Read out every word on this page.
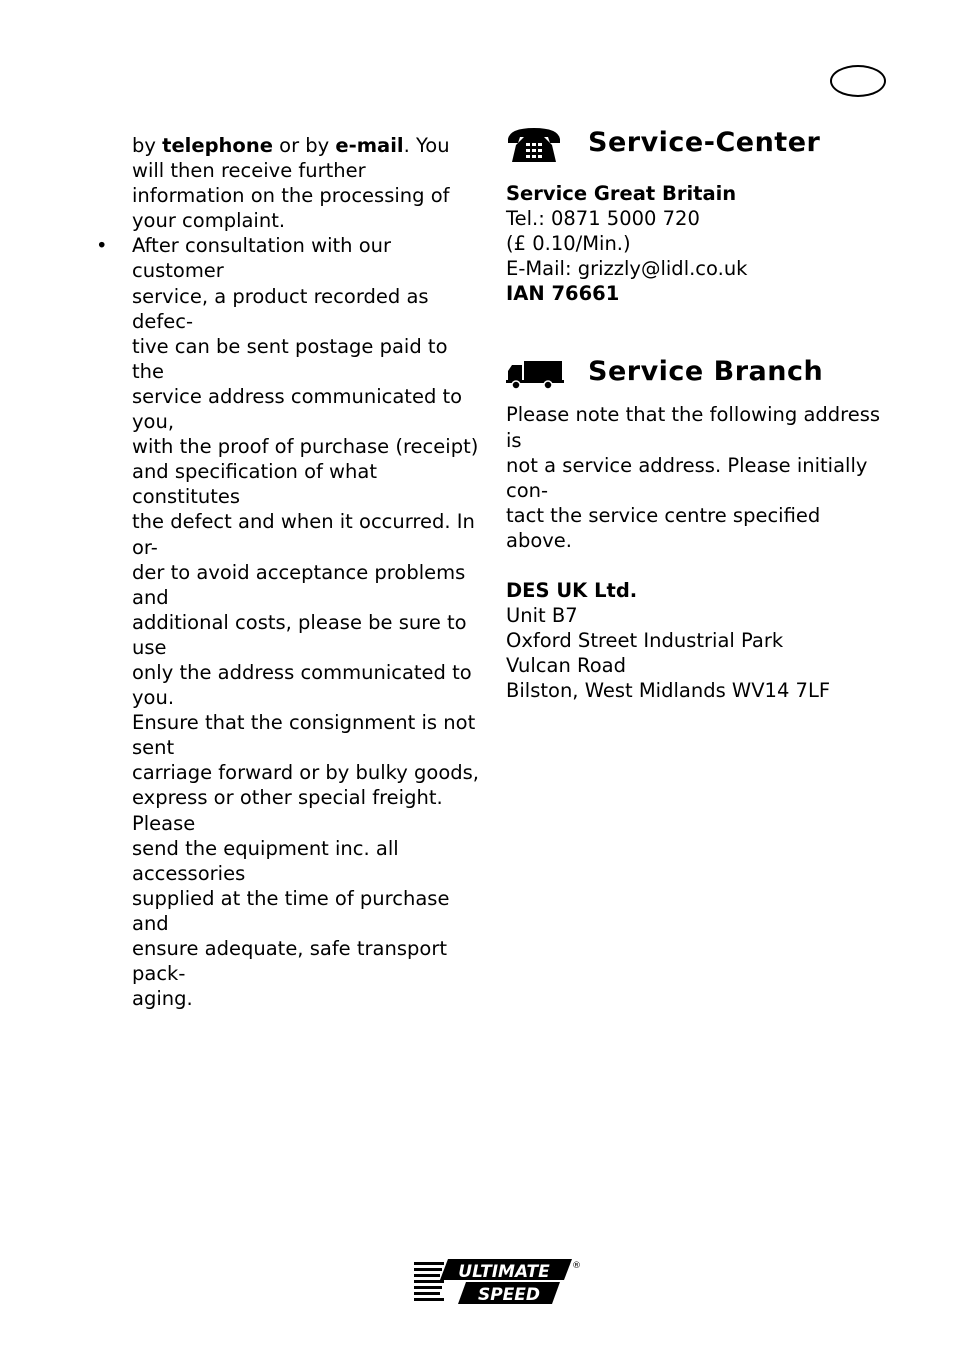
by telephone or by e-mail. You will then receive further information on the processing of your complaint.

• After consultation with our customer
service, a product recorded as defec-
tive can be sent postage paid to the
service address communicated to you,
with the proof of purchase (receipt)
and specification of what constitutes
the defect and when it occurred. In or-
der to avoid acceptance problems and
additional costs, please be sure to use
only the address communicated to you.
Ensure that the consignment is not sent
carriage forward or by bulky goods,
express or other special freight. Please
send the equipment inc. all accessories
supplied at the time of purchase and
ensure adequate, safe transport pack-
aging.
Service-Center

Service Great Britain

Tel.: 0871 5000 720

(£ 0.10/Min.)

E-Mail: grizzly@lidl.co.uk

IAN 76661

Service Branch

Please note that the following address is

not a service address. Please initially con-

tact the service centre specified above.

DES UK Ltd.

Unit B7

Oxford Street Industrial Park

Vulcan Road

Bilston, West Midlands WV14 7LF

ULTIMATE
SPEED
®
